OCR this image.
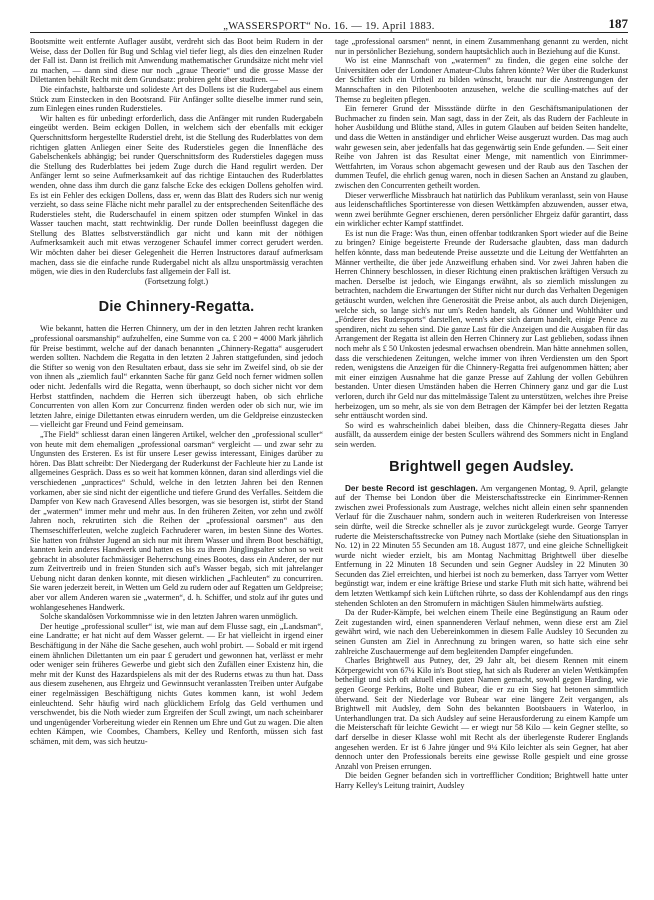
„WASSERSPORT“ No. 16. — 19. April 1883.	187

Bootsmitte weit entfernte Auflager ausübt, verdreht sich das Boot beim Rudern in der Weise, dass der Dollen für Bug und Schlag viel tiefer liegt, als dies den einzelnen Ruder der Fall ist. Dann ist freilich mit Anwendung mathematischer Grundsätze nicht mehr viel zu machen, — dann sind diese nur noch „graue Theorie“ und die grosse Masse der Dilettanten behält Recht mit dem Grundsatz: probiren geht über studiren. —

Die einfachste, haltbarste und solideste Art des Dollens ist die Rudergabel aus einem Stück zum Einstecken in den Bootsrand. Für Anfänger sollte dieselbe immer rund sein, zum Einlegen eines runden Ruderstieles.

Wir halten es für unbedingt erforderlich, dass die Anfänger mit runden Rudergabeln eingeübt werden. Beim eckigen Dollen, in welchem sich der ebenfalls mit eckiger Querschnittsform hergestellte Ruderstiel dreht, ist die Stellung des Ruderblattes von dem richtigen glatten Anliegen einer Seite des Ruderstieles gegen die Innenfläche des Gabelschenkels abhängig; bei runder Querschnittsform des Ruderstieles dagegen muss die Stellung des Ruderblattes bei jedem Zuge durch die Hand regulirt werden. Der Anfänger lernt so seine Aufmerksamkeit auf das richtige Eintauchen des Ruderblattes wenden, ohne dass ihm durch die ganz falsche Ecke des eckigen Dollens geholfen wird. Es ist ein Fehler des eckigen Dollens, dass er, wenn das Blatt des Ruders sich nur wenig verzieht, so dass seine Fläche nicht mehr parallel zu der entsprechenden Seitenfläche des Ruderstieles steht, die Ruderschaufel in einem spitzen oder stumpfen Winkel in das Wasser tauchen macht, statt rechtwinklig. Der runde Dollen beeinflusst dagegen die Stellung des Blattes selbstverständlich gar nicht und kann mit der nöthigen Aufmerksamkeit auch mit etwas verzogener Schaufel immer correct gerudert werden. Wir möchten daher bei dieser Gelegenheit die Herren Instructores darauf aufmerksam machen, dass sie die einfache runde Rudergabel nicht als allzu unsportmässig verachten mögen, wie dies in den Ruderclubs fast allgemein der Fall ist.

(Fortsetzung folgt.)
Die Chinnery-Regatta.

Wie bekannt, hatten die Herren Chinnery, um der in den letzten Jahren recht kranken „professional oarsmanship“ aufzuhelfen, eine Summe von ca. £ 200 = 4000 Mark jährlich für Preise bestimmt, welche auf der danach benannten „Chinnery-Regatta“ ausgerudert werden sollten. Nachdem die Regatta in den letzten 2 Jahren stattgefunden, sind jedoch die Stifter so wenig von den Resultaten erbaut, dass sie sehr im Zweifel sind, ob sie der von ihnen als „ziemlich faul“ erkannten Sache für ganz Geld noch ferner widmen sollen oder nicht. Jedenfalls wird die Regatta, wenn überhaupt, so doch sicher nicht vor dem Herbst stattfinden, nachdem die Herren sich überzeugt haben, ob sich ehrliche Concurrenten von allen Korn zur Concurrenz finden werden oder ob sich nur, wie im letzten Jahre, einige Dilettanten etwas einrudern werden, um die Geldpreise einzustecken — vielleicht gar Freund und Feind gemeinsam.

„The Field“ schliesst daran einen längeren Artikel, welcher den „professional sculler“ von heute mit dem ehemaligen „professional oarsman“ vergleicht — und zwar sehr zu Ungunsten des Ersteren. Es ist für unsere Leser gewiss interessant, Einiges darüber zu hören. Das Blatt schreibt: Der Niedergang der Ruderkunst der Fachleute hier zu Lande ist allgemeines Gespräch. Dass es so weit hat kommen können, daran sind allerdings viel die verschiedenen „unpractices“ Schuld, welche in den letzten Jahren bei den Rennen vorkamen, aber sie sind nicht der eigentliche und tiefere Grund des Verfalles. Seitdem die Dampfer von Kew nach Gravesend Alles besorgen, was sie besorgen ist, stirbt der Stand der „watermen“ immer mehr und mehr aus. In den früheren Zeiten, vor zehn und zwölf Jahren noch, rekrutirten sich die Reihen der „professional oarsmen“ aus den Themseschifferleuten, welche zugleich Fachruderer waren, im besten Sinne des Wortes. Sie hatten von frühster Jugend an sich nur mit ihrem Wasser und ihrem Boot beschäftigt, kannten kein anderes Handwerk und hatten es bis zu ihrem Jünglingsalter schon so weit gebracht in absoluter fachmässiger Beherrschung eines Bootes, dass ein Anderer, der nur zum Zeitvertreib und in freien Stunden sich auf's Wasser begab, sich mit jahrelanger Uebung nicht daran denken konnte, mit diesen wirklichen „Fachleuten“ zu concurriren. Sie waren jederzeit bereit, in Wetten um Geld zu rudern oder auf Regatten um Geldpreise; aber vor allem Anderen waren sie „watermen“, d. h. Schiffer, und stolz auf ihr gutes und wohlangesehenes Handwerk.

Solche skandalösen Vorkommnisse wie in den letzten Jahren waren unmöglich.

Der heutige „professional sculler“ ist, wie man auf dem Flusse sagt, ein „Landsman“, eine Landratte; er hat nicht auf dem Wasser gelernt. — Er hat vielleicht in irgend einer Beschäftigung in der Nähe die Sache gesehen, auch wohl probirt. — Sobald er mit irgend einem ähnlichen Dilettanten um ein paar £ gerudert und gewonnen hat, verlässt er mehr oder weniger sein früheres Gewerbe und giebt sich den Zufällen einer Existenz hin, die mehr mit der Kunst des Hazardspielens als mit der des Ruderns etwas zu thun hat. Dass aus diesem zusehenen, aus Ehrgeiz und Gewinnsucht veranlassten Treiben unter Aufgabe einer regelmässigen Beschäftigung nichts Gutes kommen kann, ist wohl Jedem einleuchtend. Sehr häufig wird nach glücklichem Erfolg das Geld verthumen und verschwendet, bis die Noth wieder zum Ergreifen der Scull zwingt, um nach scheinbarer und ungenügender Vorbereitung wieder ein Rennen um Ehre und Gut zu wagen. Die alten echten Kämpen, wie Coombes, Chambers, Kelley und Renforth, müssen sich fast schämen, mit dem, was sich heutzu-

tage „professional oarsmen“ nennt, in einem Zusammenhang genannt zu werden, nicht nur in persönlicher Beziehung, sondern hauptsächlich auch in Beziehung auf die Kunst.

Wo ist eine Mannschaft von „watermen“ zu finden, die gegen eine solche der Universitäten oder der Londoner Amateur-Clubs fahren könnte? Wer über die Ruderkunst der Schiffer sich ein Urtheil zu bilden wünscht, braucht nur die Anstrengungen der Mannschaften in den Pilotenbooten anzusehen, welche die sculling-matches auf der Themse zu begleiten pflegen.

Ein fernerer Grund der Missstände dürfte in den Geschäftsmanipulationen der Buchmacher zu finden sein. Man sagt, dass in der Zeit, als das Rudern der Fachleute in hoher Ausbildung und Blüthe stand, Alles in gutem Glauben auf beiden Seiten handelte, und dass die Wetten in anständiger und ehrlicher Weise ausgeruzt wurden. Das mag auch wahr gewesen sein, aber jedenfalls hat das gegenwärtig sein Ende gefunden. — Seit einer Reihe von Jahren ist das Resultat einer Menge, mit namentlich von Einrimmer-Wettfahrten, im Voraus schon abgemacht gewesen und der Raub aus den Taschen der dummen Teufel, die ehrlich genug waren, noch in diesen Sachen an Anstand zu glauben, zwischen den Concurrenten getheilt worden.

Dieser verwerfliche Missbrauch hat natürlich das Publikum veranlasst, sein von Hause aus leidenschaftliches Sportinteresse von diesen Wettkämpfen abzuwenden, ausser etwa, wenn zwei berühmte Gegner erschienen, deren persönlicher Ehrgeiz dafür garantirt, dass ein wirklicher echter Kampf stattfindet.

Es ist nun die Frage: Was thun, einen offenbar todtkranken Sport wieder auf die Beine zu bringen? Einige begeisterte Freunde der Rudersache glaubten, dass man dadurch helfen könnte, dass man bedeutende Preise aussetzte und die Leitung der Wettfahrten an Männer vertheilte, die über jede Anzweiflung erhaben sind. Vor zwei Jahren haben die Herren Chinnery beschlossen, in dieser Richtung einen praktischen kräftigen Versuch zu machen. Derselbe ist jedoch, wie Eingangs erwähnt, als so ziemlich misslungen zu betrachten, nachdem die Erwartungen der Stifter nicht nur durch das Verhalten Degenigen getäuscht wurden, welchen ihre Generosität die Preise anbot, als auch durch Diejenigen, welche sich, so lange sich's nur um's Reden handelt, als Gönner und Wohlthäter und „Förderer des Rudersports“ darstellen, wenn's aber sich darum handelt, einige Pence zu spendiren, nicht zu sehen sind. Die ganze Last für die Anzeigen und die Ausgaben für das Arrangement der Regatta ist allein den Herren Chinnery zur Last geblieben, sodass ihnen noch mehr als £ 50 Unkosten jedesmal erwachsen obendrein. Man hätte annehmen sollen, dass die verschiedenen Zeitungen, welche immer von ihren Verdiensten um den Sport reden, wenigstens die Anzeigen für die Chinnery-Regatta frei aufgenommen hätten; aber mit einer einzigen Ausnahme hat die ganze Presse auf Zahlung der vollen Gebühren bestanden. Unter diesen Umständen haben die Herren Chinnery ganz und gar die Lust verloren, durch ihr Geld nur das mittelmässige Talent zu unterstützen, welches ihre Preise herbeizogen, um so mehr, als sie von dem Betragen der Kämpfer bei der letzten Regatta sehr enttäuscht worden sind.

So wird es wahrscheinlich dabei bleiben, dass die Chinnery-Regatta dieses Jahr ausfällt, da ausserdem einige der besten Scullers während des Sommers nicht in England sein werden.

Brightwell gegen Audsley.

Der beste Record ist geschlagen. Am vergangenen Montag, 9. April, gelangte auf der Themse bei London über die Meisterschaftsstrecke ein Einrimmer-Rennen zwischen zwei Professionals zum Austrage, welches nicht allein einen sehr spannenden Verlauf für die Zuschauer nahm, sondern auch in weiteren Ruderkreisen von Interesse sein dürfte, weil die Strecke schneller als je zuvor zurückgelegt wurde. George Tarryer ruderte die Meisterschaftsstrecke von Putney nach Mortlake (siehe den Situationsplan in No. 12) in 22 Minuten 55 Secunden am 18. August 1877, und eine gleiche Schnelligkeit wurde nicht wieder erzielt, bis am Montag Nachmittag Brightwell über dieselbe Entfernung in 22 Minuten 18 Secunden und sein Gegner Audsley in 22 Minuten 30 Secunden das Ziel erreichten, und hierbei ist noch zu bemerken, dass Tarryer vom Wetter begünstigt war, indem er eine kräftige Briese und starke Fluth mit sich hatte, während bei dem letzten Wettkampf sich kein Lüftchen rührte, so dass der Kohlendampf aus den rings stehenden Schloten an den Stromufern in mächtigen Säulen himmelwärts aufstieg.

Da der Ruder-Kämpfe, bei welchen einem Theile eine Begünstigung an Raum oder Zeit zugestanden wird, einen spannenderen Verlauf nehmen, wenn diese erst am Ziel gewährt wird, wie nach den Uebereinkommen in diesem Falle Audsley 10 Secunden zu seinen Gunsten am Ziel in Anrechnung zu bringen waren, so hatte sich eine sehr zahlreiche Zuschauermenge auf dem begleitenden Dampfer eingefunden.

Charles Brightwell aus Putney, der, 29 Jahr alt, bei diesem Rennen mit einem Körpergewicht von 67¼ Kilo in's Boot stieg, hat sich als Ruderer an vielen Wettkämpfen betheiligt und sich oft aktuell einen guten Namen gemacht, sowohl gegen Harding, wie gegen George Perkins, Bolte und Bubear, die er zu ein Sieg hat betonen sämmtlich überwand. Seit der Niederlage vor Bubear war eine längere Zeit vergangen, als Brightwell mit Audsley, dem Sohn des bekannten Bootsbauers in Waterloo, in Unterhandlungen trat. Da sich Audsley auf seine Herausforderung zu einem Kampfe um die Meisterschaft für leichte Gewicht — er wiegt nur 58 Kilo — kein Gegner stellte, so darf derselbe in dieser Klasse wohl mit Recht als der überlegenste Ruderer Englands angesehen werden. Er ist 6 Jahre jünger und 9¼ Kilo leichter als sein Gegner, hat aber dennoch unter den Professionals bereits eine gewisse Rolle gespielt und eine grosse Anzahl von Preisen errungen.

Die beiden Gegner befanden sich in vortrefflicher Condition; Brightwell hatte unter Harry Kelley's Leitung trainirt, Audsley
